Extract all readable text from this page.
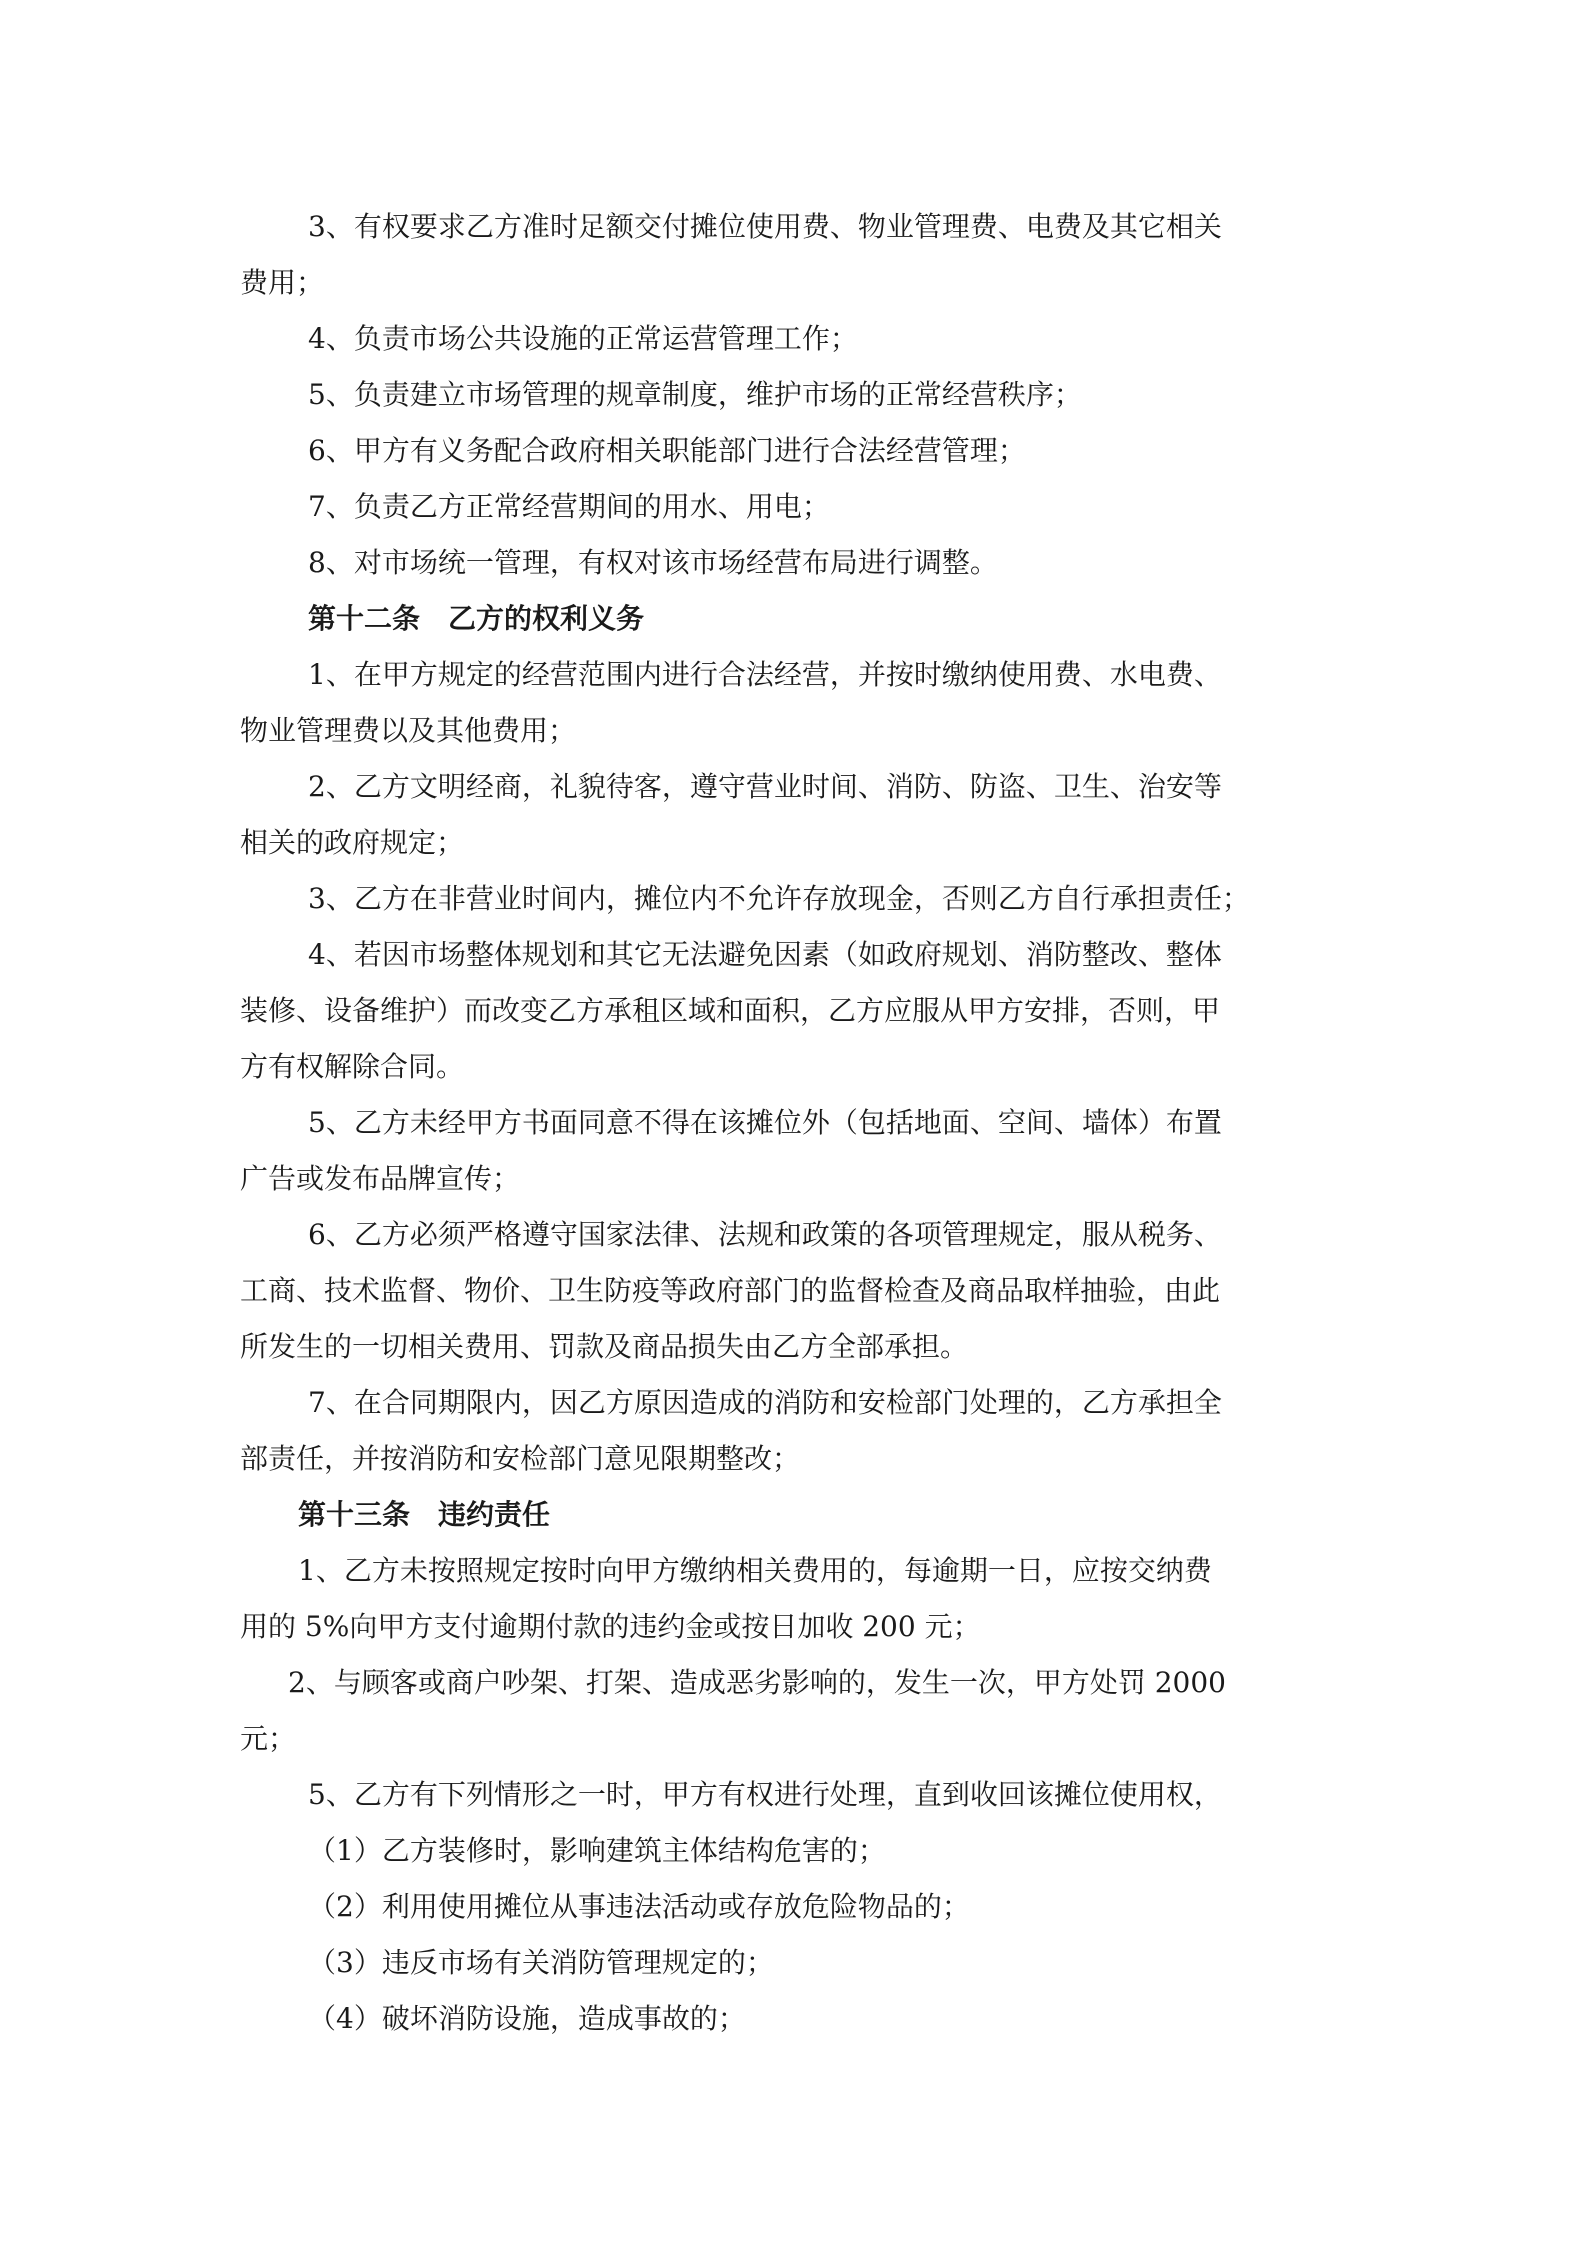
3、有权要求乙方准时足额交付摊位使用费、物业管理费、电费及其它相关
费用；
4、负责市场公共设施的正常运营管理工作；
5、负责建立市场管理的规章制度，维护市场的正常经营秩序；
6、甲方有义务配合政府相关职能部门进行合法经营管理；
7、负责乙方正常经营期间的用水、用电；
8、对市场统一管理，有权对该市场经营布局进行调整。
第十二条　乙方的权利义务
1、在甲方规定的经营范围内进行合法经营，并按时缴纳使用费、水电费、
物业管理费以及其他费用；
2、乙方文明经商，礼貌待客，遵守营业时间、消防、防盗、卫生、治安等
相关的政府规定；
3、乙方在非营业时间内，摊位内不允许存放现金，否则乙方自行承担责任；
4、若因市场整体规划和其它无法避免因素（如政府规划、消防整改、整体
装修、设备维护）而改变乙方承租区域和面积，乙方应服从甲方安排，否则，甲
方有权解除合同。
5、乙方未经甲方书面同意不得在该摊位外（包括地面、空间、墙体）布置
广告或发布品牌宣传；
6、乙方必须严格遵守国家法律、法规和政策的各项管理规定，服从税务、
工商、技术监督、物价、卫生防疫等政府部门的监督检查及商品取样抽验，由此
所发生的一切相关费用、罚款及商品损失由乙方全部承担。
7、在合同期限内，因乙方原因造成的消防和安检部门处理的，乙方承担全
部责任，并按消防和安检部门意见限期整改；
第十三条　违约责任
1、乙方未按照规定按时向甲方缴纳相关费用的，每逾期一日，应按交纳费
用的 5%向甲方支付逾期付款的违约金或按日加收 200 元；
2、与顾客或商户吵架、打架、造成恶劣影响的，发生一次，甲方处罚 2000
元；
5、乙方有下列情形之一时，甲方有权进行处理，直到收回该摊位使用权，
（1）乙方装修时，影响建筑主体结构危害的；
（2）利用使用摊位从事违法活动或存放危险物品的；
（3）违反市场有关消防管理规定的；
（4）破坏消防设施，造成事故的；
